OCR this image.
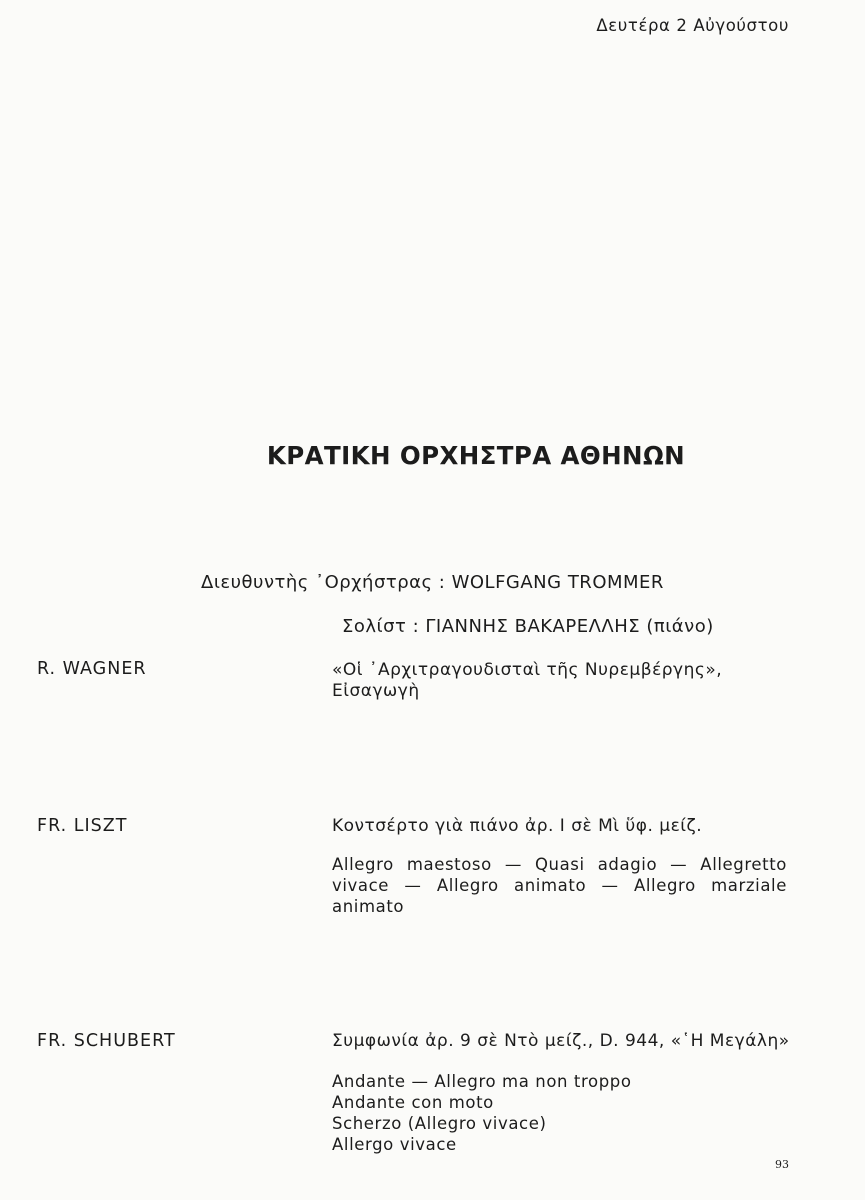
Δευτέρα 2 Αὐγούστου
ΚΡΑΤΙΚΗ ΟΡΧΗΣΤΡΑ ΑΘΗΝΩΝ
Διευθυντὴς ᾿Ορχήστρας : WOLFGANG TROMMER
Σολίστ : ΓΙΑΝΝΗΣ ΒΑΚΑΡΕΛΛΗΣ (πιάνο)
R. WAGNER	«Οἱ ᾿Αρχιτραγουδισταὶ τῆς Νυρεμβέργης»,
Εἰσαγωγὴ
FR. LISZT	Κοντσέρτο γιὰ πιάνο ἀρ. Ι σὲ Μὶ ὕφ. μείζ.
Allegro maestoso — Quasi adagio — Allegretto vivace — Allegro animato — Allegro marziale animato
FR. SCHUBERT	Συμφωνία ἀρ. 9 σὲ Ντὸ μείζ., D. 944, «῾Η Μεγάλη»
Andante — Allegro ma non troppo
Andante con moto
Scherzo (Allegro vivace)
Allergo vivace
93
